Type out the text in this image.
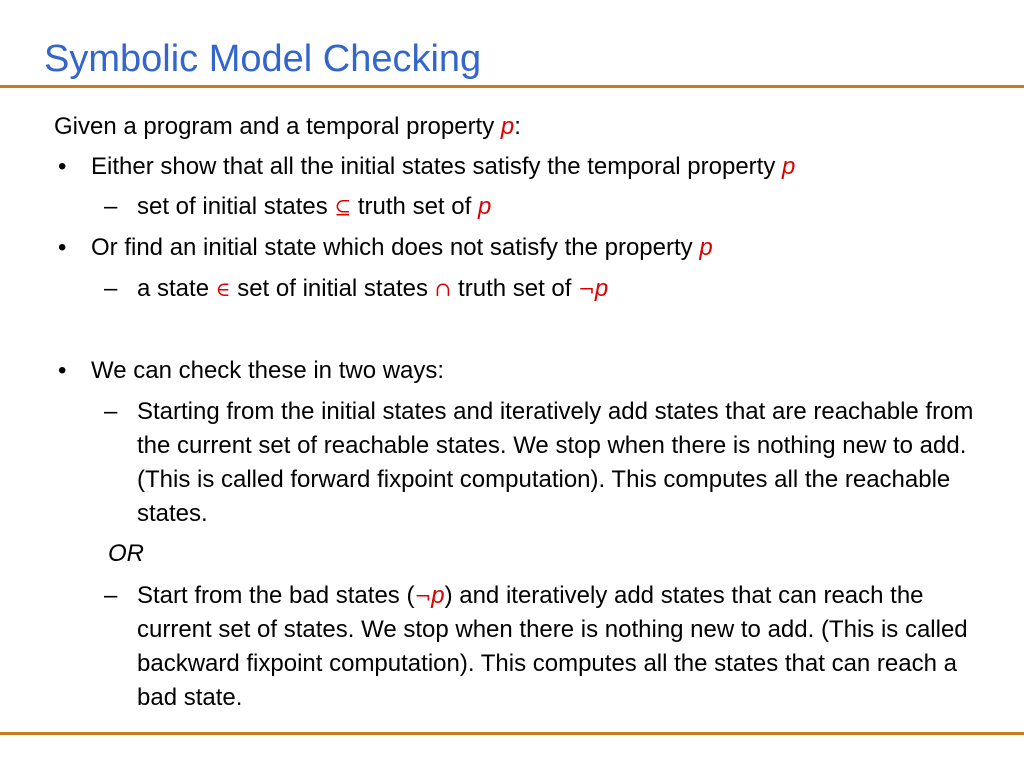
Symbolic Model Checking
Given a program and a temporal property p:
• Either show that all the initial states satisfy the temporal property p
– set of initial states ⊆ truth set of p
• Or find an initial state which does not satisfy the property p
– a state ∈ set of initial states ∩ truth set of ¬p
• We can check these in two ways:
– Starting from the initial states and iteratively add states that are reachable from the current set of reachable states. We stop when there is nothing new to add. (This is called forward fixpoint computation). This computes all the reachable states.
OR
– Start from the bad states (¬p) and iteratively add states that can reach the current set of states. We stop when there is nothing new to add. (This is called backward fixpoint computation). This computes all the states that can reach a bad state.
